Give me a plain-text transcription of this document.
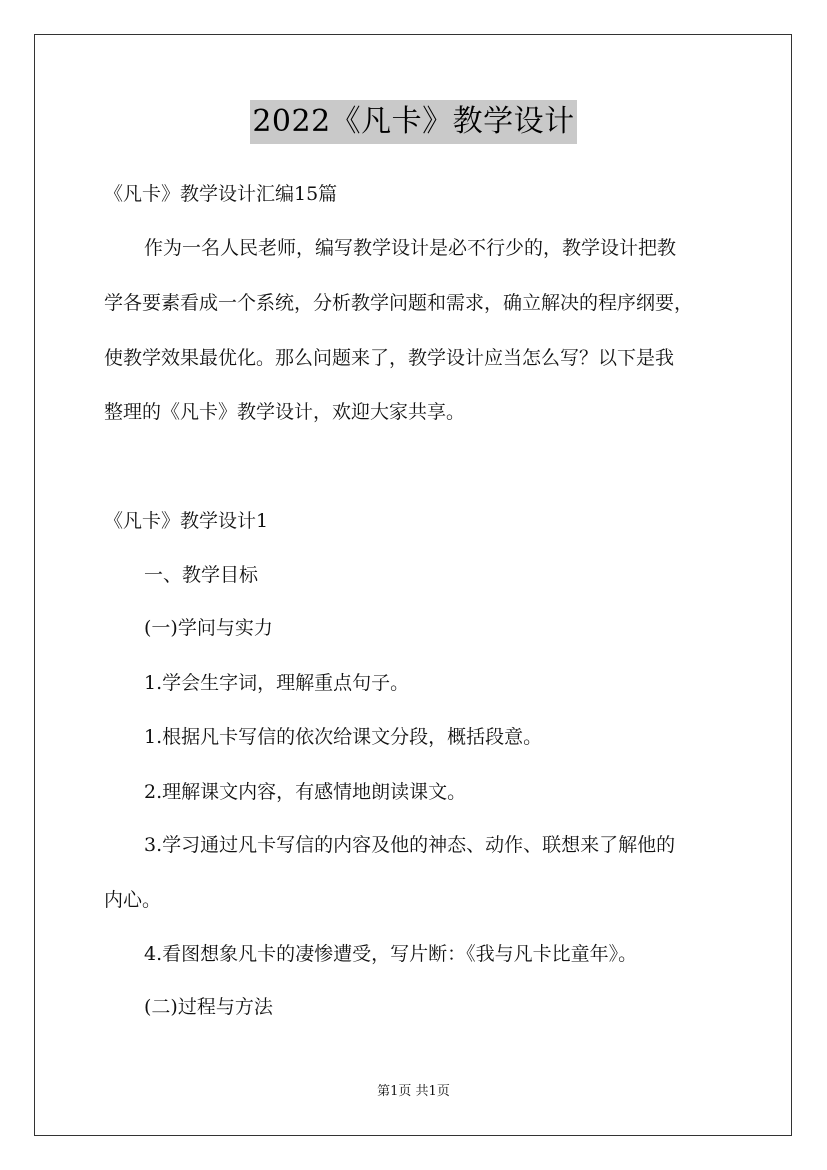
2022《凡卡》教学设计
《凡卡》教学设计汇编15篇
作为一名人民老师，编写教学设计是必不行少的，教学设计把教
学各要素看成一个系统，分析教学问题和需求，确立解决的程序纲要，
使教学效果最优化。那么问题来了，教学设计应当怎么写？以下是我
整理的《凡卡》教学设计，欢迎大家共享。
《凡卡》教学设计1
一、教学目标
(一)学问与实力
1.学会生字词，理解重点句子。
1.根据凡卡写信的依次给课文分段，概括段意。
2.理解课文内容，有感情地朗读课文。
3.学习通过凡卡写信的内容及他的神态、动作、联想来了解他的
内心。
4.看图想象凡卡的凄惨遭受，写片断：《我与凡卡比童年》。
(二)过程与方法
第1页 共1页
